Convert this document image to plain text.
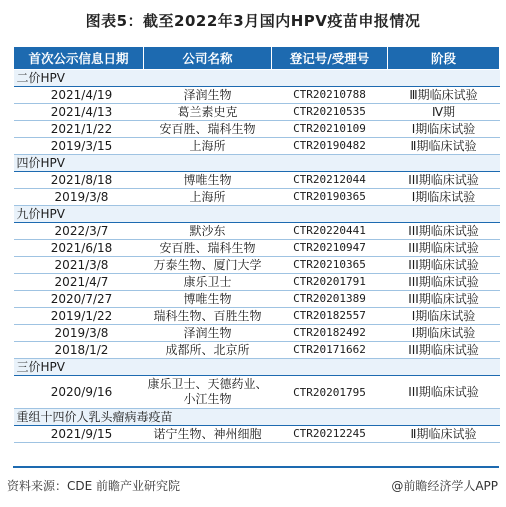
图表5：截至2022年3月国内HPV疫苗申报情况
首次公示信息日期	公司名称	登记号/受理号	阶段
二价HPV			
2021/4/19	泽润生物	CTR20210788	Ⅲ期临床试验
2021/4/13	葛兰素史克	CTR20210535	Ⅳ期
2021/1/22	安百胜、瑞科生物	CTR20210109	Ⅰ期临床试验
2019/3/15	上海所	CTR20190482	Ⅱ期临床试验
四价HPV			
2021/8/18	博唯生物	CTR20212044	III期临床试验
2019/3/8	上海所	CTR20190365	I期临床试验
九价HPV			
2022/3/7	默沙东	CTR20220441	III期临床试验
2021/6/18	安百胜、瑞科生物	CTR20210947	III期临床试验
2021/3/8	万泰生物、厦门大学	CTR20210365	III期临床试验
2021/4/7	康乐卫士	CTR20201791	III期临床试验
2020/7/27	博唯生物	CTR20201389	III期临床试验
2019/1/22	瑞科生物、百胜生物	CTR20182557	I期临床试验
2019/3/8	泽润生物	CTR20182492	I期临床试验
2018/1/2	成都所、北京所	CTR20171662	III期临床试验
三价HPV			
2020/9/16	康乐卫士、天德药业、小江生物	CTR20201795	III期临床试验
重组十四价人乳头瘤病毒疫苗			
2021/9/15	诺宁生物、神州细胞	CTR20212245	Ⅱ期临床试验
资料来源：CDE 前瞻产业研究院	@前瞻经济学人APP
